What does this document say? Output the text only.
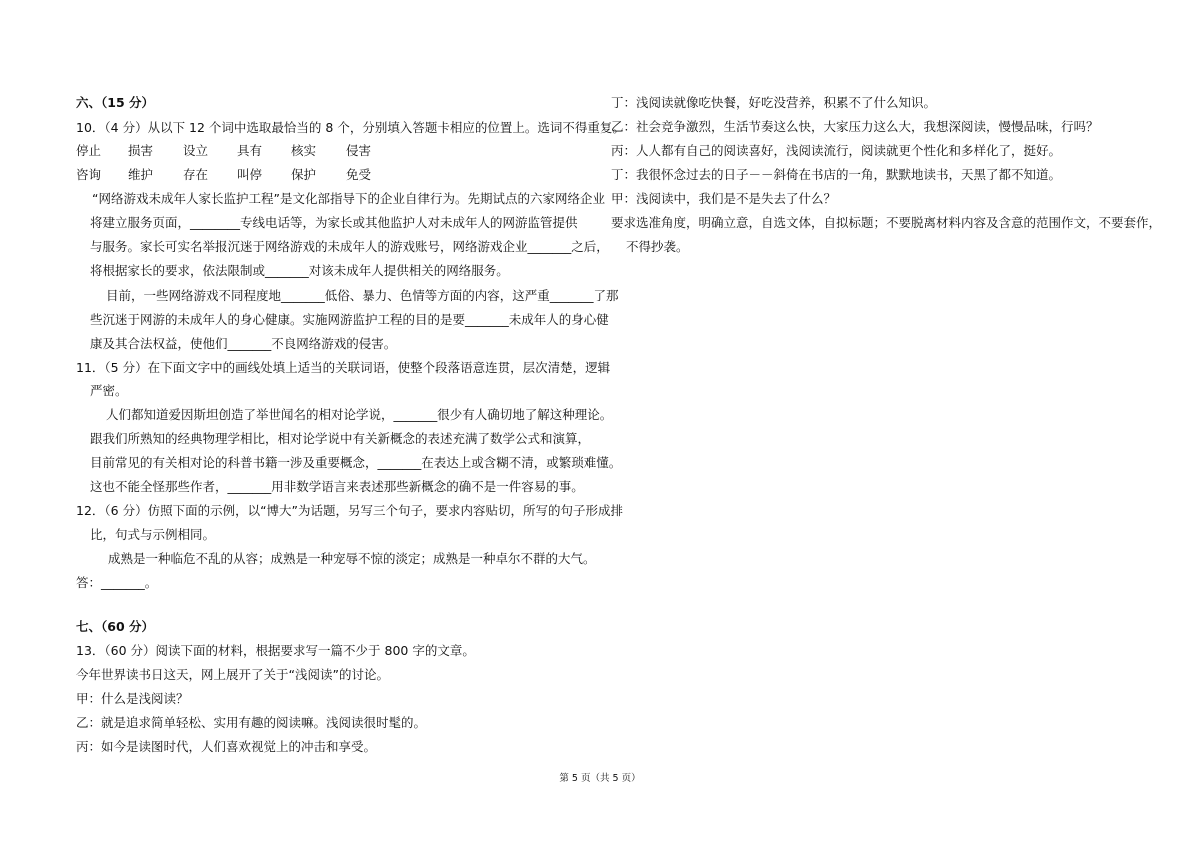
六、（15 分）
10．（4 分）从以下 12 个词中选取最恰当的 8 个，分别填入答题卡相应的位置上。选词不得重复。
停止 损害 设立 具有 核实 侵害
咨询 维护 存在 叫停 保护 免受
“网络游戏未成年人家长监护工程”是文化部指导下的企业自律行为。先期试点的六家网络企业
将建立服务页面，________专线电话等，为家长或其他监护人对未成年人的网游监管提供
与服务。家长可实名举报沉迷于网络游戏的未成年人的游戏账号，网络游戏企业_______之后，
将根据家长的要求，依法限制或_______对该未成年人提供相关的网络服务。
目前，一些网络游戏不同程度地_______低俗、暴力、色情等方面的内容，这严重_______了那
些沉迷于网游的未成年人的身心健康。实施网游监护工程的目的是要_______未成年人的身心健
康及其合法权益，使他们_______不良网络游戏的侵害。
11．（5 分）在下面文字中的画线处填上适当的关联词语，使整个段落语意连贯，层次清楚，逻辑
严密。
人们都知道爱因斯坦创造了举世闻名的相对论学说，_______很少有人确切地了解这种理论。
跟我们所熟知的经典物理学相比，相对论学说中有关新概念的表述充满了数学公式和演算，
目前常见的有关相对论的科普书籍一涉及重要概念，_______在表达上或含糊不清，或繁琐难懂。
这也不能全怪那些作者，_______用非数学语言来表述那些新概念的确不是一件容易的事。
12．（6 分）仿照下面的示例，以“博大”为话题，另写三个句子，要求内容贴切，所写的句子形成排
比，句式与示例相同。
成熟是一种临危不乱的从容；成熟是一种宠辱不惊的淡定；成熟是一种卓尔不群的大气。
答：_______。
七、（60 分）
13．（60 分）阅读下面的材料，根据要求写一篇不少于 800 字的文章。
今年世界读书日这天，网上展开了关于“浅阅读”的讨论。
甲：什么是浅阅读？
乙：就是追求简单轻松、实用有趣的阅读嘛。浅阅读很时髦的。
丙：如今是读图时代，人们喜欢视觉上的冲击和享受。
丁：浅阅读就像吃快餐，好吃没营养，积累不了什么知识。
乙：社会竞争激烈，生活节奏这么快，大家压力这么大，我想深阅读，慢慢品味，行吗？
丙：人人都有自己的阅读喜好，浅阅读流行，阅读就更个性化和多样化了，挺好。
丁：我很怀念过去的日子－－斜倚在书店的一角，默默地读书，天黑了都不知道。
甲：浅阅读中，我们是不是失去了什么？
要求选准角度，明确立意，自选文体，自拟标题；不要脱离材料内容及含意的范围作文，不要套作，
不得抄袭。
第 5 页（共 5 页）
